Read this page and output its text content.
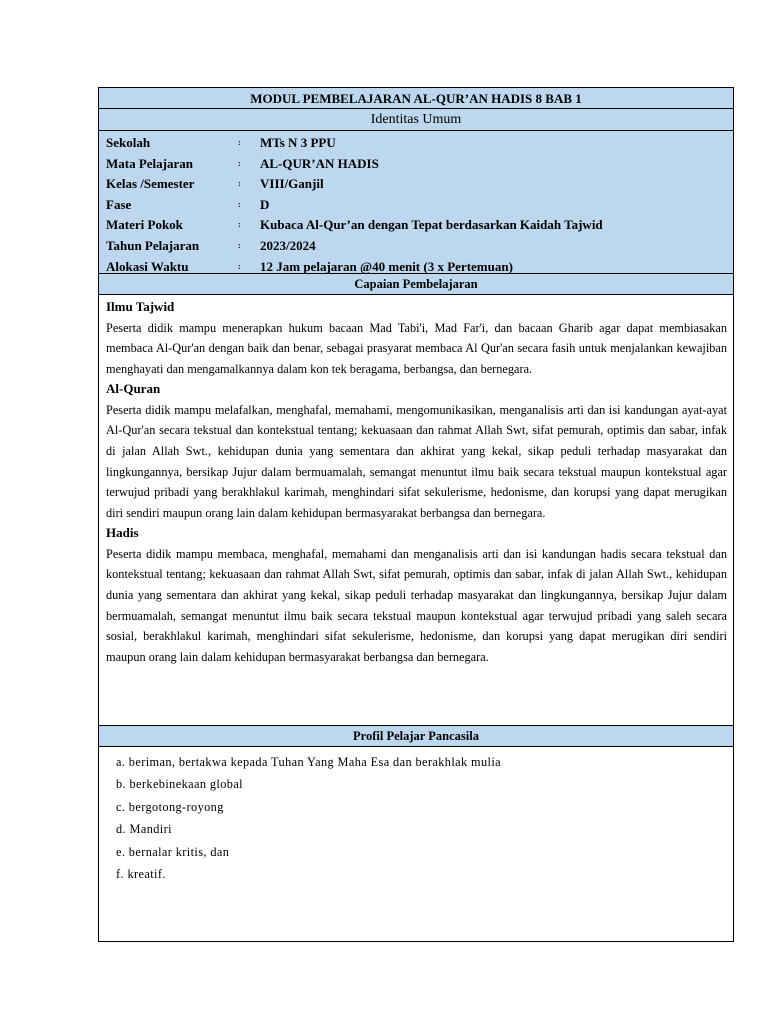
MODUL PEMBELAJARAN AL-QUR’AN HADIS 8 BAB 1
Identitas Umum
Sekolah	:	MTs N 3 PPU
Mata Pelajaran	:	AL-QUR’AN HADIS
Kelas /Semester	:	VIII/Ganjil
Fase	:	D
Materi Pokok	:	Kubaca Al-Qur’an dengan Tepat berdasarkan Kaidah Tajwid
Tahun Pelajaran	:	2023/2024
Alokasi Waktu	:	12 Jam pelajaran @40 menit (3 x Pertemuan)
Capaian Pembelajaran
Ilmu Tajwid

Peserta didik mampu menerapkan hukum bacaan Mad Tabi'i, Mad Far'i, dan bacaan Gharib agar dapat membiasakan membaca Al-Qur'an dengan baik dan benar, sebagai prasyarat membaca Al Qur'an secara fasih untuk menjalankan kewajiban menghayati dan mengamalkannya dalam kon tek beragama, berbangsa, dan bernegara.

Al-Quran

Peserta didik mampu melafalkan, menghafal, memahami, mengomunikasikan, menganalisis arti dan isi kandungan ayat-ayat Al-Qur'an secara tekstual dan kontekstual tentang; kekuasaan dan rahmat Allah Swt, sifat pemurah, optimis dan sabar, infak di jalan Allah Swt., kehidupan dunia yang sementara dan akhirat yang kekal, sikap peduli terhadap masyarakat dan lingkungannya, bersikap Jujur dalam bermuamalah, semangat menuntut ilmu baik secara tekstual maupun kontekstual agar terwujud pribadi yang berakhlakul karimah, menghindari sifat sekulerisme, hedonisme, dan korupsi yang dapat merugikan diri sendiri maupun orang lain dalam kehidupan bermasyarakat berbangsa dan bernegara.

Hadis

Peserta didik mampu membaca, menghafal, memahami dan menganalisis arti dan isi kandungan hadis secara tekstual dan kontekstual tentang; kekuasaan dan rahmat Allah Swt, sifat pemurah, optimis dan sabar, infak di jalan Allah Swt., kehidupan dunia yang sementara dan akhirat yang kekal, sikap peduli terhadap masyarakat dan lingkungannya, bersikap Jujur dalam bermuamalah, semangat menuntut ilmu baik secara tekstual maupun kontekstual agar terwujud pribadi yang saleh secara sosial, berakhlakul karimah, menghindari sifat sekulerisme, hedonisme, dan korupsi yang dapat merugikan diri sendiri maupun orang lain dalam kehidupan bermasyarakat berbangsa dan bernegara.

Profil Pelajar Pancasila
a. beriman, bertakwa kepada Tuhan Yang Maha Esa dan berakhlak mulia
b. berkebinekaan global
c. bergotong-royong
d. Mandiri
e. bernalar kritis, dan
f. kreatif.
